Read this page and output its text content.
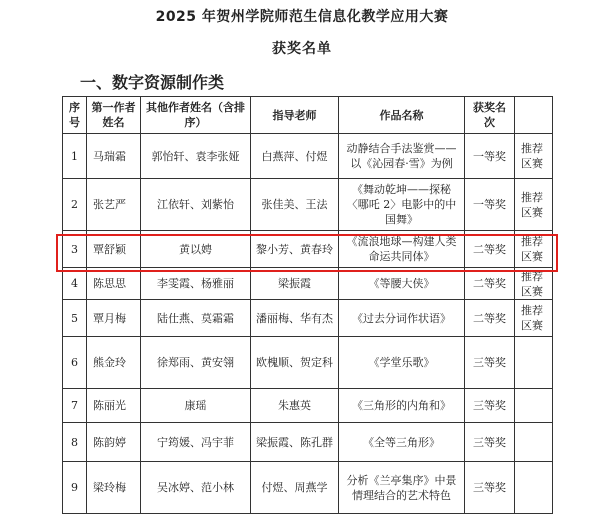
2025 年贺州学院师范生信息化教学应用大赛
获奖名单
一、数字资源制作类
序号	第一作者姓名	其他作者姓名（含排序）	指导老师	作品名称	获奖名次	
1	马瑞霜	郭怡轩、袁李张娅	白燕萍、付煜	动静结合手法鉴赏——以《沁园春·雪》为例	一等奖	推荐区赛
2	张艺严	江依轩、刘紫怡	张佳美、王法	《舞动乾坤——探秘〈哪吒 2〉电影中的中国舞》	一等奖	推荐区赛
3	覃舒颖	黄以娉	黎小芳、黄春玲	《流浪地球—构建人类命运共同体》	二等奖	推荐区赛
4	陈思思	李雯霞、杨雅丽	梁振霞	《等腰大侠》	二等奖	推荐区赛
5	覃月梅	陆仕燕、莫霜霜	潘丽梅、华有杰	《过去分词作状语》	二等奖	推荐区赛
6	熊金玲	徐郑雨、黄安翎	欧槐顺、贺定科	《学堂乐歌》	三等奖	
7	陈丽光	康瑶	朱惠英	《三角形的内角和》	三等奖	
8	陈韵婷	宁筠媛、冯宇菲	梁振霞、陈孔群	《全等三角形》	三等奖	
9	梁玲梅	吴冰婷、范小林	付煜、周燕学	分析《兰亭集序》中景情理结合的艺术特色	三等奖	
